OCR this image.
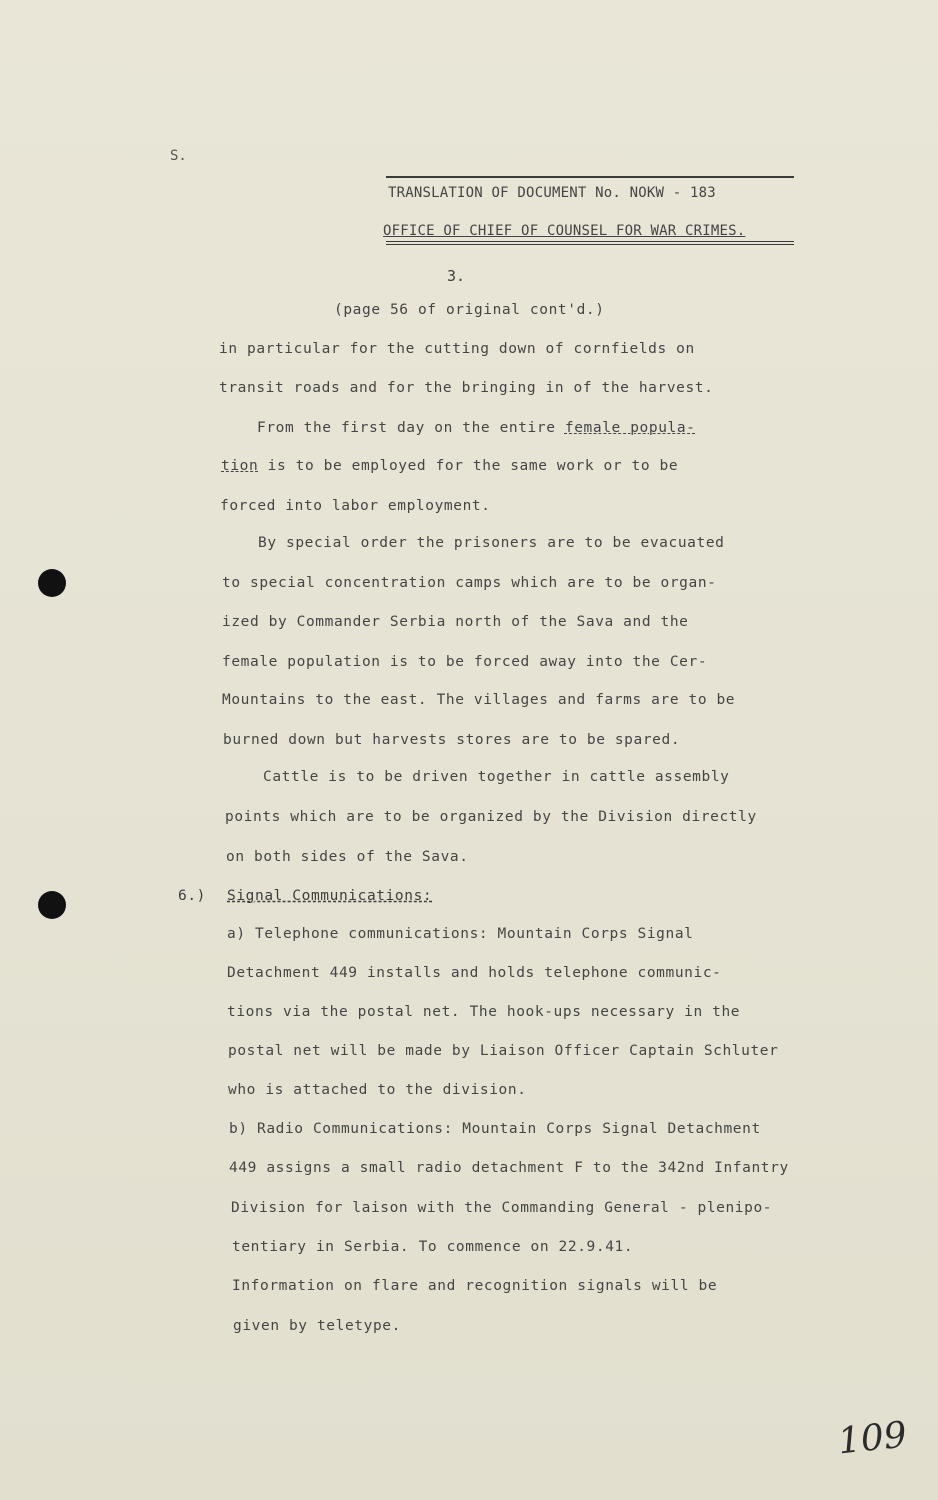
S.
TRANSLATION OF DOCUMENT No. NOKW - 183
OFFICE OF CHIEF OF COUNSEL FOR WAR CRIMES.
3.
(page 56 of original cont'd.)
in particular for the cutting down of cornfields on
transit roads and for the bringing in of the harvest.
From the first day on the entire female popula-
tion is to be employed for the same work or to be
forced into labor employment.
By special order the prisoners are to be evacuated
to special concentration camps which are to be organ-
ized by Commander Serbia north of the Sava and the
female population is to be forced away into the Cer-
Mountains to the east. The villages and farms are to be
burned down but harvests stores are to be spared.
Cattle is to be driven together in cattle assembly
points which are to be organized by the Division directly
on both sides of the Sava.
6.) Signal Communications:
a) Telephone communications: Mountain Corps Signal
Detachment 449 installs and holds telephone communic-
tions via the postal net. The hook-ups necessary in the
postal net will be made by Liaison Officer Captain Schluter
who is attached to the division.
b) Radio Communications: Mountain Corps Signal Detachment
449 assigns a small radio detachment F to the 342nd Infantry
Division for laison with the Commanding General - plenipo-
tentiary in Serbia. To commence on 22.9.41.
Information on flare and recognition signals will be
given by teletype.
109
